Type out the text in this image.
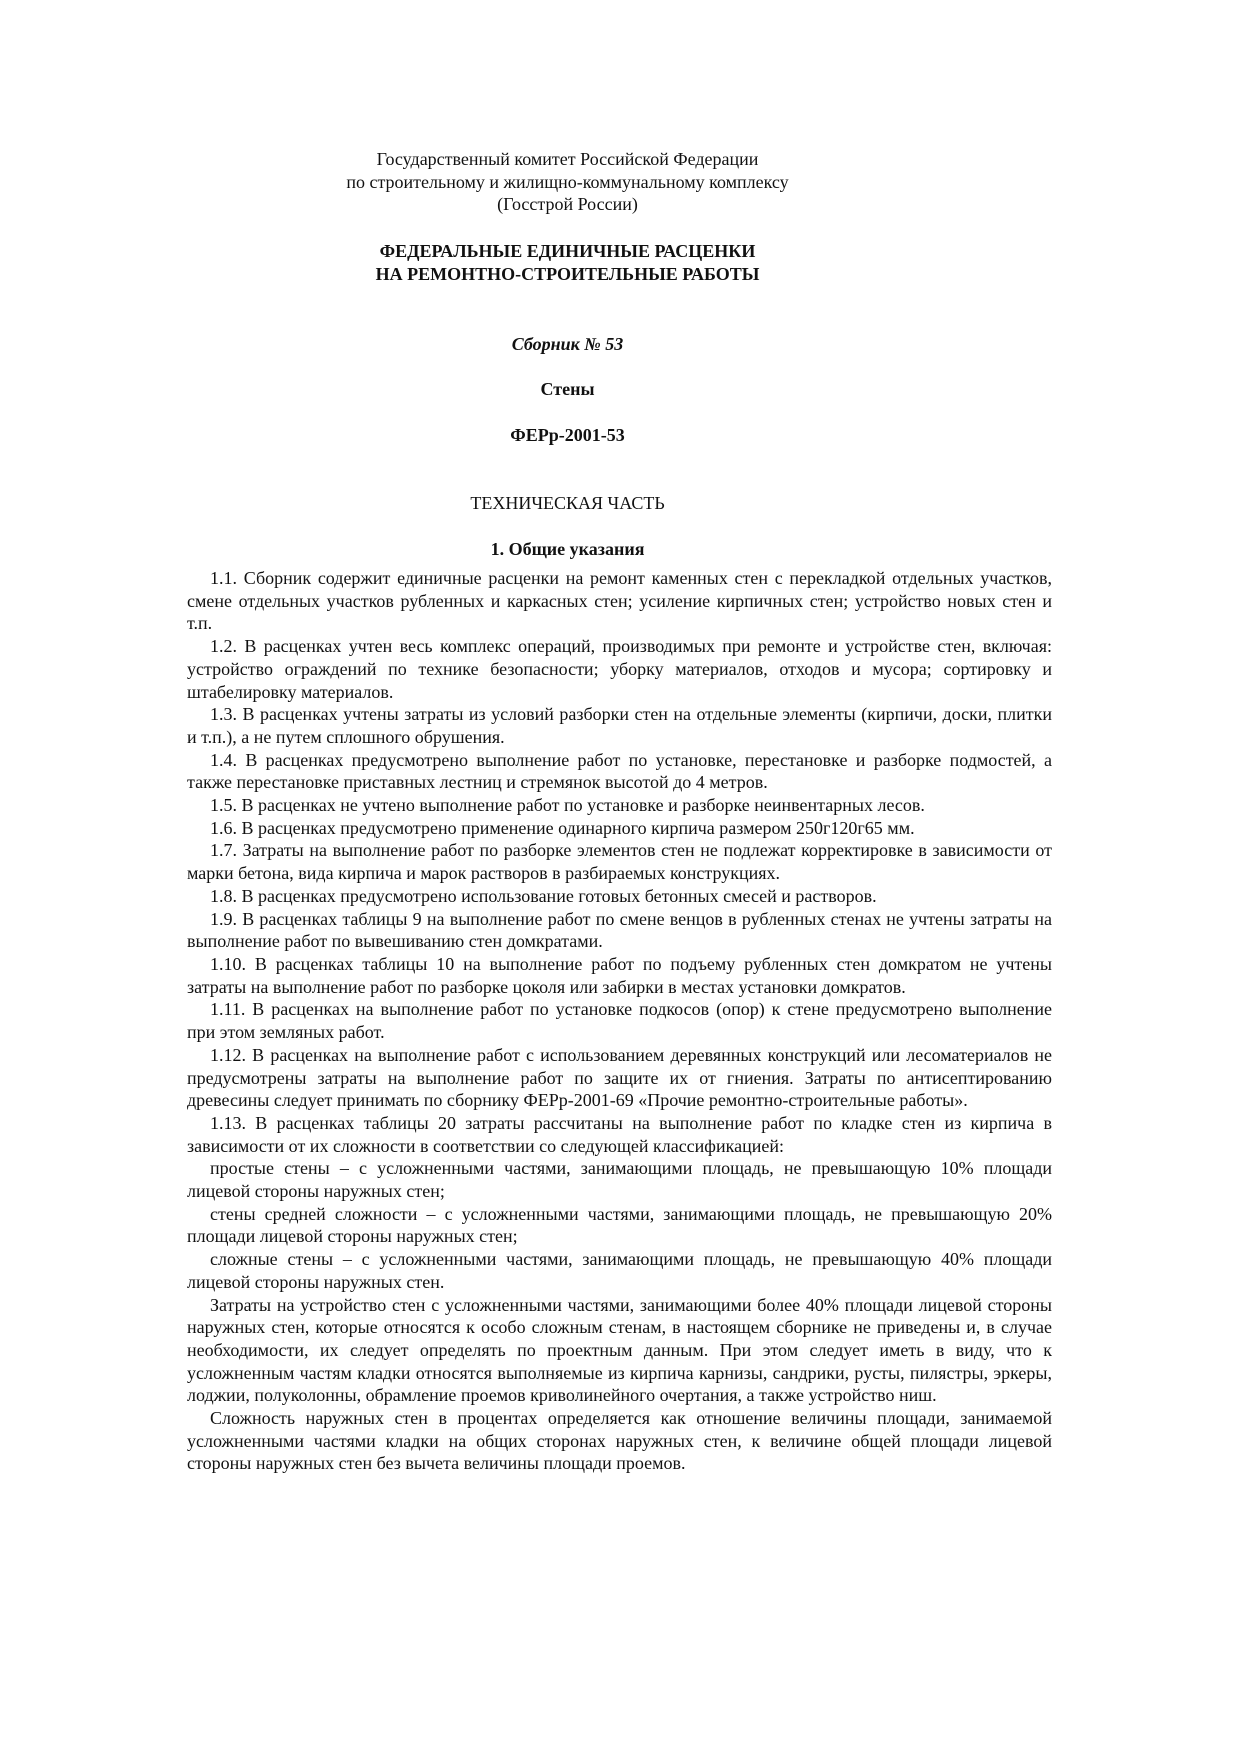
Государственный комитет Российской Федерации
по строительному и жилищно-коммунальному комплексу
(Госстрой России)
ФЕДЕРАЛЬНЫЕ ЕДИНИЧНЫЕ РАСЦЕНКИ
НА РЕМОНТНО-СТРОИТЕЛЬНЫЕ РАБОТЫ
Сборник № 53
Стены
ФЕРр-2001-53
ТЕХНИЧЕСКАЯ ЧАСТЬ
1. Общие указания

1.1. Сборник содержит единичные расценки на ремонт каменных стен с перекладкой отдельных участков, смене отдельных участков рубленных и каркасных стен; усиление кирпичных стен; устройство новых стен и т.п.

1.2. В расценках учтен весь комплекс операций, производимых при ремонте и устройстве стен, включая: устройство ограждений по технике безопасности; уборку материалов, отходов и мусора; сортировку и штабелировку материалов.

1.3. В расценках учтены затраты из условий разборки стен на отдельные элементы (кирпичи, доски, плитки и т.п.), а не путем сплошного обрушения.

1.4. В расценках предусмотрено выполнение работ по установке, перестановке и разборке подмостей, а также перестановке приставных лестниц и стремянок высотой до 4 метров.

1.5. В расценках не учтено выполнение работ по установке и разборке неинвентарных лесов.

1.6. В расценках предусмотрено применение одинарного кирпича размером 250г120г65 мм.

1.7. Затраты на выполнение работ по разборке элементов стен не подлежат корректировке в зависимости от марки бетона, вида кирпича и марок растворов в разбираемых конструкциях.

1.8. В расценках предусмотрено использование готовых бетонных смесей и растворов.

1.9. В расценках таблицы 9 на выполнение работ по смене венцов в рубленных стенах не учтены затраты на выполнение работ по вывешиванию стен домкратами.

1.10. В расценках таблицы 10 на выполнение работ по подъему рубленных стен домкратом не учтены затраты на выполнение работ по разборке цоколя или забирки в местах установки домкратов.

1.11. В расценках на выполнение работ по установке подкосов (опор) к стене предусмотрено выполнение при этом земляных работ.

1.12. В расценках на выполнение работ с использованием деревянных конструкций или лесоматериалов не предусмотрены затраты на выполнение работ по защите их от гниения. Затраты по антисептированию древесины следует принимать по сборнику ФЕРр-2001-69 «Прочие ремонтно-строительные работы».

1.13. В расценках таблицы 20 затраты рассчитаны на выполнение работ по кладке стен из кирпича в зависимости от их сложности в соответствии со следующей классификацией:

простые стены – с усложненными частями, занимающими площадь, не превышающую 10% площади лицевой стороны наружных стен;

стены средней сложности – с усложненными частями, занимающими площадь, не превышающую 20% площади лицевой стороны наружных стен;

сложные стены – с усложненными частями, занимающими площадь, не превышающую 40% площади лицевой стороны наружных стен.

Затраты на устройство стен с усложненными частями, занимающими более 40% площади лицевой стороны наружных стен, которые относятся к особо сложным стенам, в настоящем сборнике не приведены и, в случае необходимости, их следует определять по проектным данным. При этом следует иметь в виду, что к усложненным частям кладки относятся выполняемые из кирпича карнизы, сандрики, русты, пилястры, эркеры, лоджии, полуколонны, обрамление проемов криволинейного очертания, а также устройство ниш.

Сложность наружных стен в процентах определяется как отношение величины площади, занимаемой усложненными частями кладки на общих сторонах наружных стен, к величине общей площади лицевой стороны наружных стен без вычета величины площади проемов.
